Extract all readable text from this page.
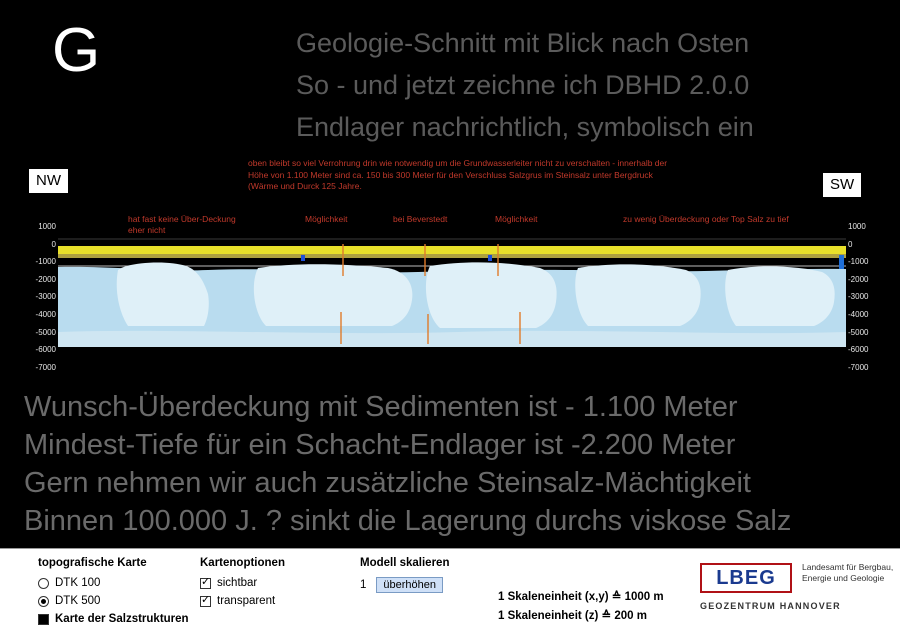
G	Geologie-Schnitt mit Blick nach Osten
So - und jetzt zeichne ich DBHD 2.0.0
Endlager nachrichtlich, symbolisch ein
NW	SW
oben bleibt so viel Verrohrung drin wie notwendig um die Grundwasserleiter nicht zu verschalten - innerhalb der Höhe von 1.100 Meter sind ca. 150 bis 300 Meter für den Verschluss Salzgrus im Steinsalz unter Bergdruck (Wärme und Durck 125 Jahre.
hat fast keine Über-Deckung eher nicht
Möglichkeit	bei Beverstedt	Möglichkeit	zu wenig Überdeckung oder Top Salz zu tief
1000
0
-1000
-2000
-3000
-4000
-5000
-6000
-7000
1000
0
-1000
-2000
-3000
-4000
-5000
-6000
-7000
Wunsch-Überdeckung mit Sedimenten ist - 1.100 Meter
Mindest-Tiefe für ein Schacht-Endlager ist -2.200 Meter
Gern nehmen wir auch zusätzliche Steinsalz-Mächtigkeit
Binnen 100.000 J. ? sinkt die Lagerung durchs viskose Salz
topografische Karte
DTK 100
DTK 500
Karte der Salzstrukturen
Kartenoptionen
✓
sichtbar
✓
transparent
Modell skalieren
1	überhöhen
1 Skaleneinheit (x,y) ≙ 1000 m
1 Skaleneinheit (z) ≙ 200 m
LBEG	Landesamt für Bergbau, Energie und Geologie
GEOZENTRUM HANNOVER
